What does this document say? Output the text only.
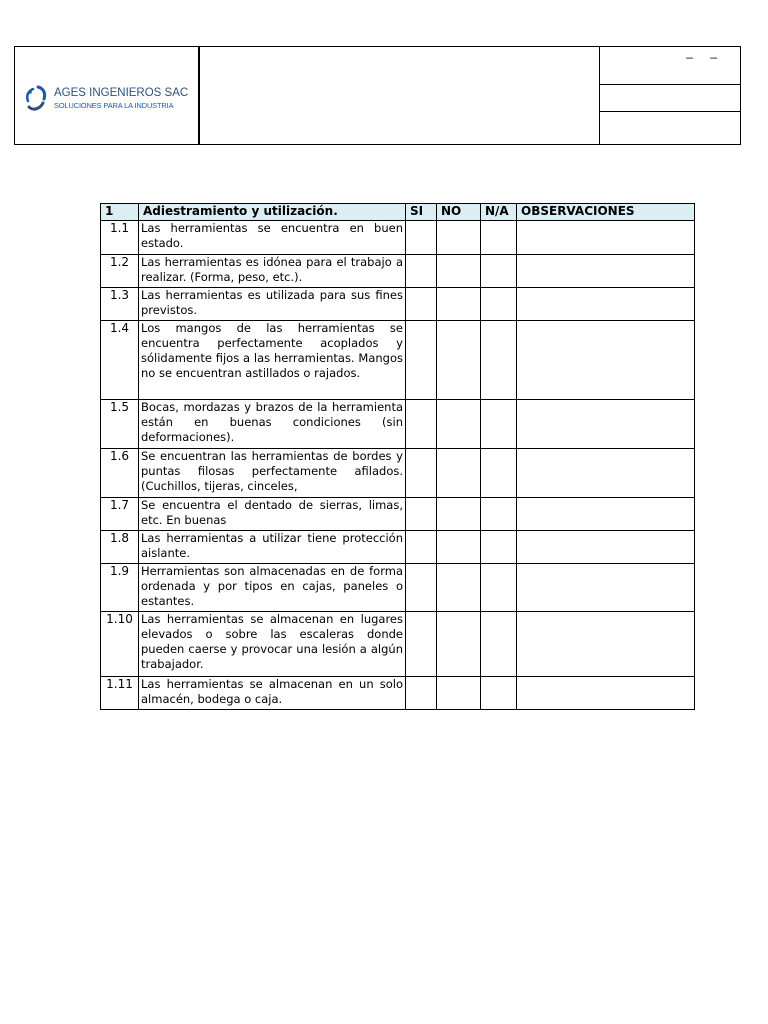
AGES INGENIEROS SAC
SOLUCIONES PARA LA INDUSTRIA
– –
1	Adiestramiento y utilización.	SI	NO	N/A	OBSERVACIONES
1.1	Las herramientas se encuentra en buen estado.				
1.2	Las herramientas es idónea para el trabajo a realizar. (Forma, peso, etc.).				
1.3	Las herramientas es utilizada para sus fines previstos.				
1.4	Los mangos de las herramientas se encuentra perfectamente acoplados y sólidamente fijos a las herramientas. Mangos no se encuentran astillados o rajados.				
1.5	Bocas, mordazas y brazos de la herramienta están en buenas condiciones (sin deformaciones).				
1.6	Se encuentran las herramientas de bordes y puntas filosas perfectamente afilados. (Cuchillos, tijeras, cinceles,				

1.7	Se encuentra el dentado de sierras, limas, etc. En buenas				
1.8	Las herramientas a utilizar tiene protección aislante.				
1.9	Herramientas son almacenadas en de forma ordenada y por tipos en cajas, paneles o estantes.				
1.10	Las herramientas se almacenan en lugares elevados o sobre las escaleras donde pueden caerse y provocar una lesión a algún trabajador.				
1.11	Las herramientas se almacenan en un solo almacén, bodega o caja.				
